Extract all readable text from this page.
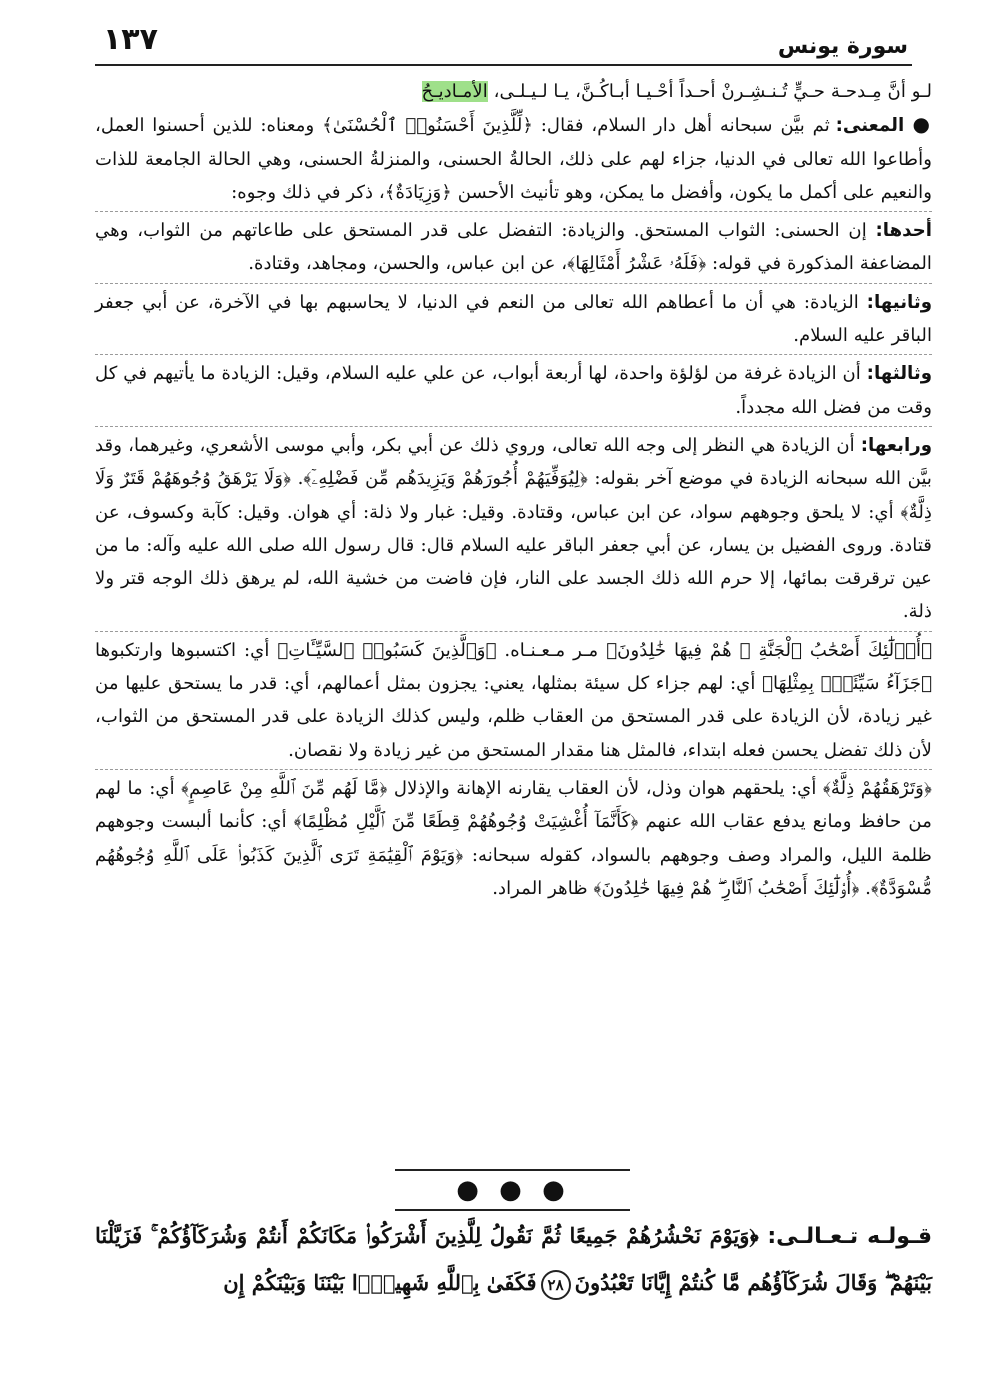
١٣٧	سورة يونس

لـو أنَّ مِـدحـة حـيٍّ تُـنـشِـرنْ أحـداً أحْـيـا أبـاكُـنَّ، يـا لـيـلـى، الأمـاديـحُ

● المعنى: ثم بيَّن سبحانه أهل دار السلام، فقال: ﴿لِّلَّذِينَ أَحْسَنُوا۟ ٱلْحُسْنَىٰ﴾ ومعناه: للذين أحسنوا العمل، وأطاعوا الله تعالى في الدنيا، جزاء لهم على ذلك، الحالةُ الحسنى، والمنزلةُ الحسنى، وهي الحالة الجامعة للذات والنعيم على أكمل ما يكون، وأفضل ما يمكن، وهو تأنيث الأحسن ﴿وَزِيَادَةٌ﴾، ذكر في ذلك وجوه:

أحدها: إن الحسنى: الثواب المستحق. والزيادة: التفضل على قدر المستحق على طاعاتهم من الثواب، وهي المضاعفة المذكورة في قوله: ﴿فَلَهُۥ عَشْرُ أَمْثَالِهَا﴾، عن ابن عباس، والحسن، ومجاهد، وقتادة.

وثانيها: الزيادة: هي أن ما أعطاهم الله تعالى من النعم في الدنيا، لا يحاسبهم بها في الآخرة، عن أبي جعفر الباقر عليه السلام.

وثالثها: أن الزيادة غرفة من لؤلؤة واحدة، لها أربعة أبواب، عن علي عليه السلام، وقيل: الزيادة ما يأتيهم في كل وقت من فضل الله مجدداً.

ورابعها: أن الزيادة هي النظر إلى وجه الله تعالى، وروي ذلك عن أبي بكر، وأبي موسى الأشعري، وغيرهما، وقد بيَّن الله سبحانه الزيادة في موضع آخر بقوله: ﴿لِيُوَفِّيَهُمْ أُجُورَهُمْ وَيَزِيدَهُم مِّن فَضْلِهِۦٓ﴾. ﴿وَلَا يَرْهَقُ وُجُوهَهُمْ قَتَرٌ وَلَا ذِلَّةٌ﴾ أي: لا يلحق وجوههم سواد، عن ابن عباس، وقتادة. وقيل: غبار ولا ذلة: أي هوان. وقيل: كآبة وكسوف، عن قتادة. وروى الفضيل بن يسار، عن أبي جعفر الباقر عليه السلام قال: قال رسول الله صلى الله عليه وآله: ما من عين ترقرقت بمائها، إلا حرم الله ذلك الجسد على النار، فإن فاضت من خشية الله، لم يرهق ذلك الوجه قتر ولا ذلة.

﴿أُو۟لَٰٓئِكَ أَصْحَٰبُ ٱلْجَنَّةِ ۖ هُمْ فِيهَا خَٰلِدُونَ﴾ مـر مـعـنـاه. ﴿وَٱلَّذِينَ كَسَبُوا۟ ٱلسَّيِّـَٔاتِ﴾ أي: اكتسبوها وارتكبوها ﴿جَزَآءُ سَيِّئَةٍۭ بِمِثْلِهَا﴾ أي: لهم جزاء كل سيئة بمثلها، يعني: يجزون بمثل أعمالهم، أي: قدر ما يستحق عليها من غير زيادة، لأن الزيادة على قدر المستحق من العقاب ظلم، وليس كذلك الزيادة على قدر المستحق من الثواب، لأن ذلك تفضل يحسن فعله ابتداء، فالمثل هنا مقدار المستحق من غير زيادة ولا نقصان.

﴿وَتَرْهَقُهُمْ ذِلَّةٌ﴾ أي: يلحقهم هوان وذل، لأن العقاب يقارنه الإهانة والإذلال ﴿مَّا لَهُم مِّنَ ٱللَّهِ مِنْ عَاصِمٍ﴾ أي: ما لهم من حافظ ومانع يدفع عقاب الله عنهم ﴿كَأَنَّمَآ أُغْشِيَتْ وُجُوهُهُمْ قِطَعًا مِّنَ ٱلَّيْلِ مُظْلِمًا﴾ أي: كأنما ألبست وجوههم ظلمة الليل، والمراد وصف وجوههم بالسواد، كقوله سبحانه: ﴿وَيَوْمَ ٱلْقِيَٰمَةِ تَرَى ٱلَّذِينَ كَذَبُوا۟ عَلَى ٱللَّهِ وُجُوهُهُم مُّسْوَدَّةٌ﴾. ﴿أُو۟لَٰٓئِكَ أَصْحَٰبُ ٱلنَّارِ ۖ هُمْ فِيهَا خَٰلِدُونَ﴾ ظاهر المراد.

● ● ●
قـولـه تـعـالـى: ﴿وَيَوْمَ نَحْشُرُهُمْ جَمِيعًا ثُمَّ نَقُولُ لِلَّذِينَ أَشْرَكُوا۟ مَكَانَكُمْ أَنتُمْ وَشُرَكَآؤُكُمْ ۚ فَزَيَّلْنَا بَيْنَهُمْ ۖ وَقَالَ شُرَكَآؤُهُم مَّا كُنتُمْ إِيَّانَا تَعْبُدُونَ٢٨فَكَفَىٰ بِٱللَّهِ شَهِيدًۢا بَيْنَنَا وَبَيْنَكُمْ إِن
